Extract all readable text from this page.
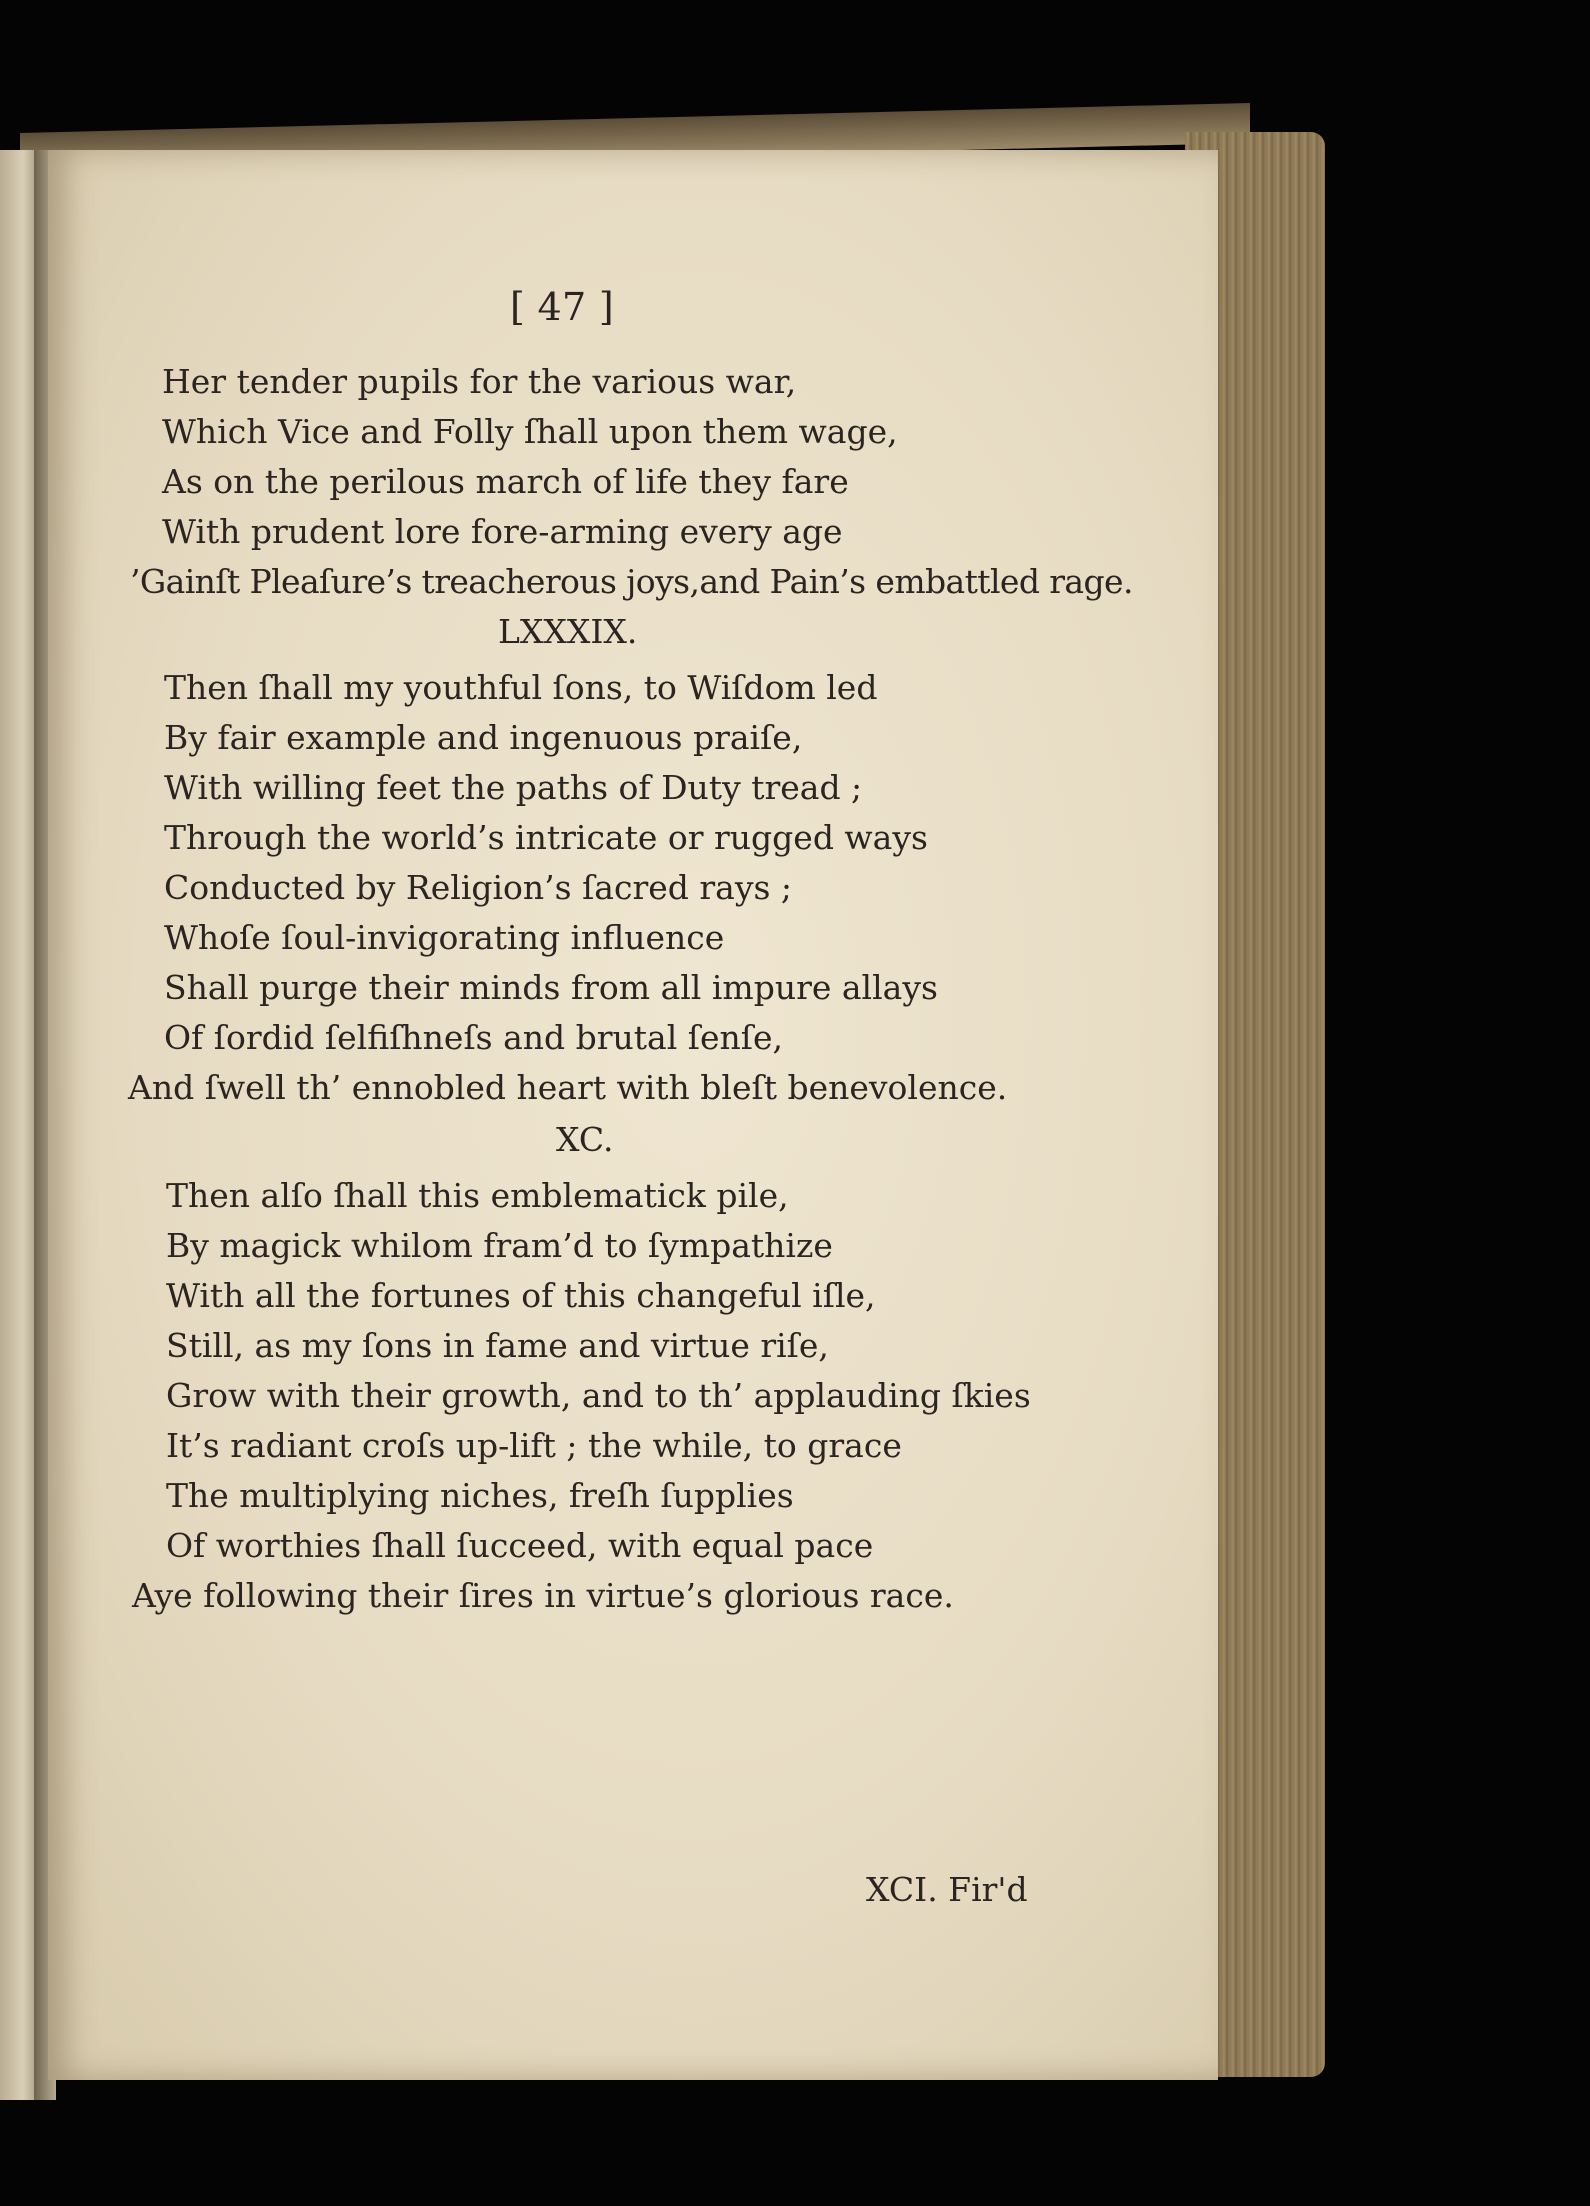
[ 47 ]
Her tender pupils for the various war,
Which Vice and Folly ſhall upon them wage,
As on the perilous march of life they fare
With prudent lore fore-arming every age
’Gainſt Pleaſure’s treacherous joys,and Pain’s embattled rage.
LXXXIX.
Then ſhall my youthful ſons, to Wiſdom led
By fair example and ingenuous praiſe,
With willing feet the paths of Duty tread ;
Through the world’s intricate or rugged ways
Conducted by Religion’s ſacred rays ;
Whoſe ſoul-invigorating influence
Shall purge their minds from all impure allays
Of ſordid ſelfiſhneſs and brutal ſenſe,
And ſwell th’ ennobled heart with bleſt benevolence.
XC.
Then alſo ſhall this emblematick pile,
By magick whilom fram’d to ſympathize
With all the fortunes of this changeful iſle,
Still, as my ſons in fame and virtue riſe,
Grow with their growth, and to th’ applauding ſkies
It’s radiant croſs up-lift ; the while, to grace
The multiplying niches, freſh ſupplies
Of worthies ſhall ſucceed, with equal pace
Aye following their ſires in virtue’s glorious race.
XCI. Fir'd
